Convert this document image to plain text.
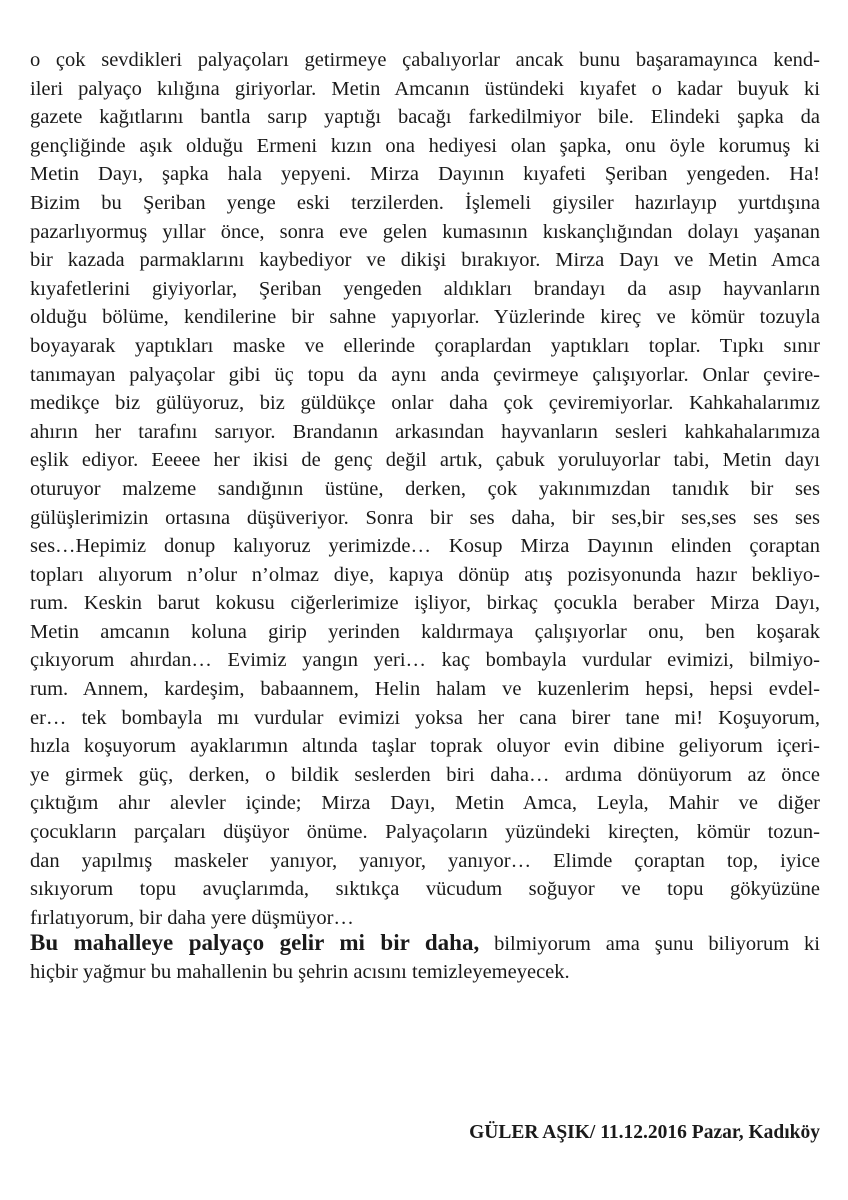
o çok sevdikleri palyaçoları getirmeye çabalıyorlar ancak bunu başaramayınca kend-
ileri palyaço kılığına giriyorlar. Metin Amcanın üstündeki kıyafet o kadar buyuk ki
gazete kağıtlarını bantla sarıp yaptığı bacağı farkedilmiyor bile. Elindeki şapka da
gençliğinde aşık olduğu Ermeni kızın ona hediyesi olan şapka, onu öyle korumuş ki
Metin Dayı, şapka hala yepyeni. Mirza Dayının kıyafeti Şeriban yengeden. Ha!
Bizim bu Şeriban yenge eski terzilerden. İşlemeli giysiler hazırlayıp yurtdışına
pazarlıyormuş yıllar önce, sonra eve gelen kumasının kıskançlığından dolayı yaşanan
bir kazada parmaklarını kaybediyor ve dikişi bırakıyor. Mirza Dayı ve Metin Amca
kıyafetlerini giyiyorlar, Şeriban yengeden aldıkları brandayı da asıp hayvanların
olduğu bölüme, kendilerine bir sahne yapıyorlar. Yüzlerinde kireç ve kömür tozuyla
boyayarak yaptıkları maske ve ellerinde çoraplardan yaptıkları toplar. Tıpkı sınır
tanımayan palyaçolar gibi üç topu da aynı anda çevirmeye çalışıyorlar. Onlar çevire-
medikçe biz gülüyoruz, biz güldükçe onlar daha çok çeviremiyorlar. Kahkahalarımız
ahırın her tarafını sarıyor. Brandanın arkasından hayvanların sesleri kahkahalarımıza
eşlik ediyor. Eeeee her ikisi de genç değil artık, çabuk yoruluyorlar tabi, Metin dayı
oturuyor malzeme sandığının üstüne, derken, çok yakınımızdan tanıdık bir ses
gülüşlerimizin ortasına düşüveriyor. Sonra bir ses daha, bir ses,bir ses,ses ses ses
ses…Hepimiz donup kalıyoruz yerimizde… Kosup Mirza Dayının elinden çoraptan
topları alıyorum n’olur n’olmaz diye, kapıya dönüp atış pozisyonunda hazır bekliyo-
rum. Keskin barut kokusu ciğerlerimize işliyor, birkaç çocukla beraber Mirza Dayı,
Metin amcanın koluna girip yerinden kaldırmaya çalışıyorlar onu, ben koşarak
çıkıyorum ahırdan… Evimiz yangın yeri… kaç bombayla vurdular evimizi, bilmiyo-
rum. Annem, kardeşim, babaannem, Helin halam ve kuzenlerim hepsi, hepsi evdel-
er… tek bombayla mı vurdular evimizi yoksa her cana birer tane mi! Koşuyorum,
hızla koşuyorum ayaklarımın altında taşlar toprak oluyor evin dibine geliyorum içeri-
ye girmek güç, derken, o bildik seslerden biri daha… ardıma dönüyorum az önce
çıktığım ahır alevler içinde; Mirza Dayı, Metin Amca, Leyla, Mahir ve diğer
çocukların parçaları düşüyor önüme. Palyaçoların yüzündeki kireçten, kömür tozun-
dan yapılmış maskeler yanıyor, yanıyor, yanıyor… Elimde çoraptan top, iyice
sıkıyorum topu avuçlarımda, sıktıkça vücudum soğuyor ve topu gökyüzüne
fırlatıyorum, bir daha yere düşmüyor…
Bu mahalleye palyaço gelir mi bir daha, bilmiyorum ama şunu biliyorum ki
hiçbir yağmur bu mahallenin bu şehrin acısını temizleyemeyecek.
GÜLER AŞIK/ 11.12.2016 Pazar, Kadıköy
